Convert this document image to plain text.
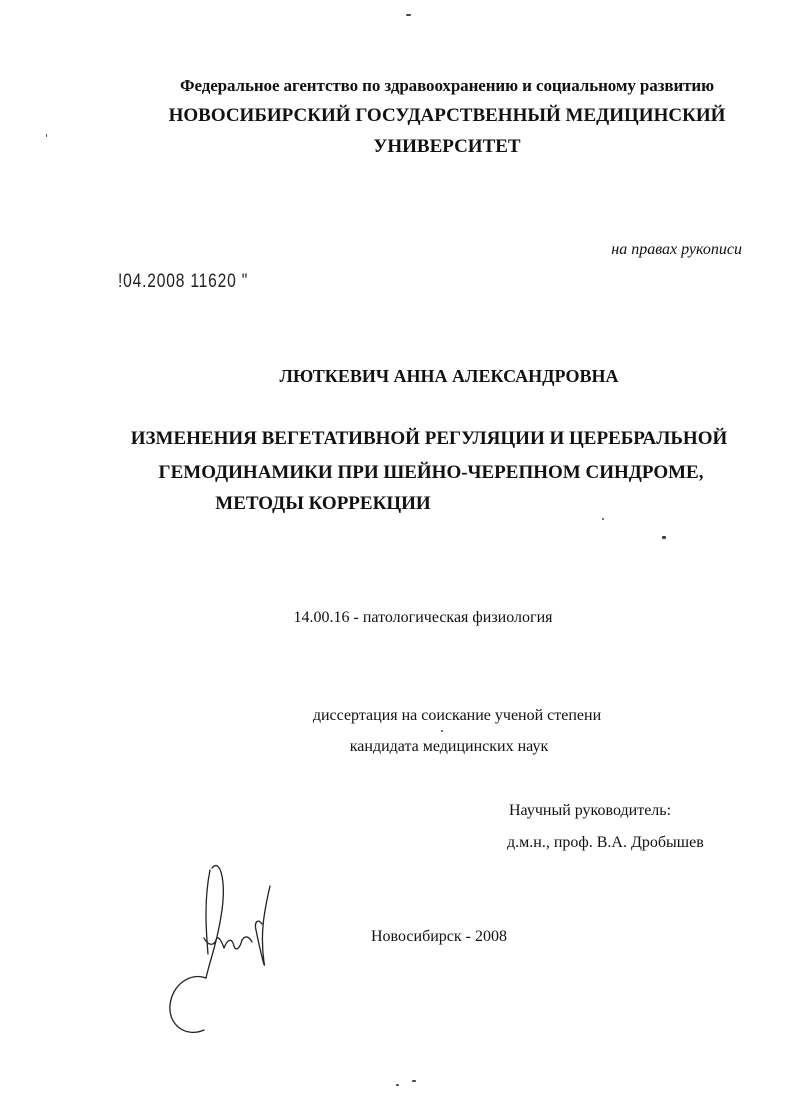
Федеральное агентство по здравоохранению и социальному развитию
НОВОСИБИРСКИЙ ГОСУДАРСТВЕННЫЙ МЕДИЦИНСКИЙ
УНИВЕРСИТЕТ
на правах рукописи
!04.2008 11620 "
ЛЮТКЕВИЧ АННА АЛЕКСАНДРОВНА
ИЗМЕНЕНИЯ ВЕГЕТАТИВНОЙ РЕГУЛЯЦИИ И ЦЕРЕБРАЛЬНОЙ
ГЕМОДИНАМИКИ ПРИ ШЕЙНО-ЧЕРЕПНОМ СИНДРОМЕ,
МЕТОДЫ КОРРЕКЦИИ
14.00.16 - патологическая физиология
диссертация на соискание ученой степени
кандидата медицинских наук
Научный руководитель:
д.м.н., проф. В.А. Дробышев
Новосибирск - 2008
